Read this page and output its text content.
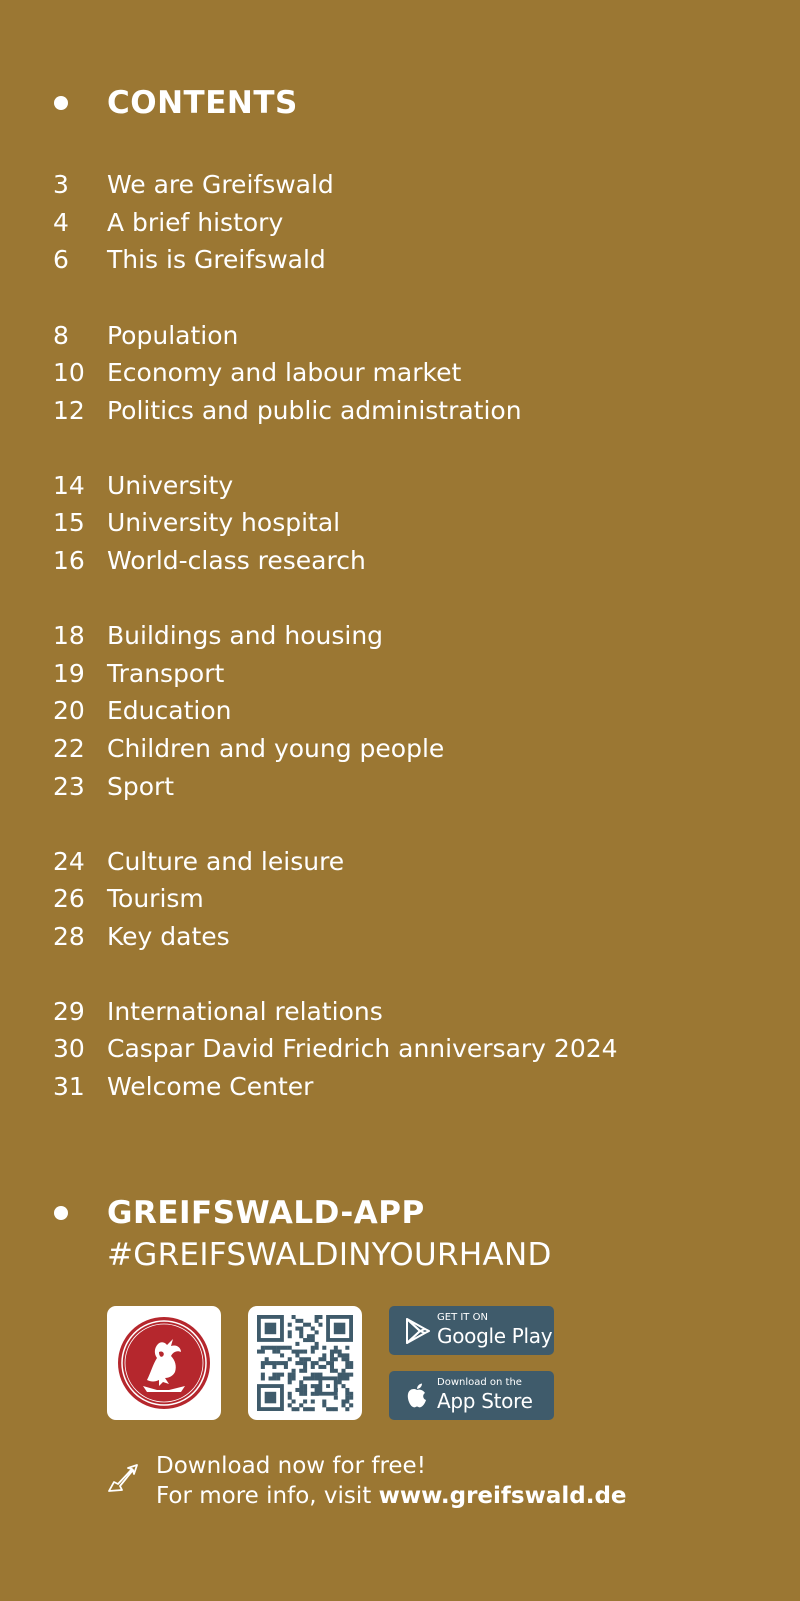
CONTENTS
3	We are Greifswald
4	A brief history
6	This is Greifswald
8	Population
10 Economy and labour market
12 Politics and public administration
14 University
15 University hospital
16 World-class research
18 Buildings and housing
19 Transport
20 Education
22 Children and young people
23 Sport
24 Culture and leisure
26 Tourism
28 Key dates
29 International relations
30 Caspar David Friedrich anniversary 2024
31 Welcome Center
GREIFSWALD-APP
#GREIFSWALDINYOURHAND
GET IT ON
Google Play
Download on the
App Store
Download now for free!
For more info, visit www.greifswald.de
